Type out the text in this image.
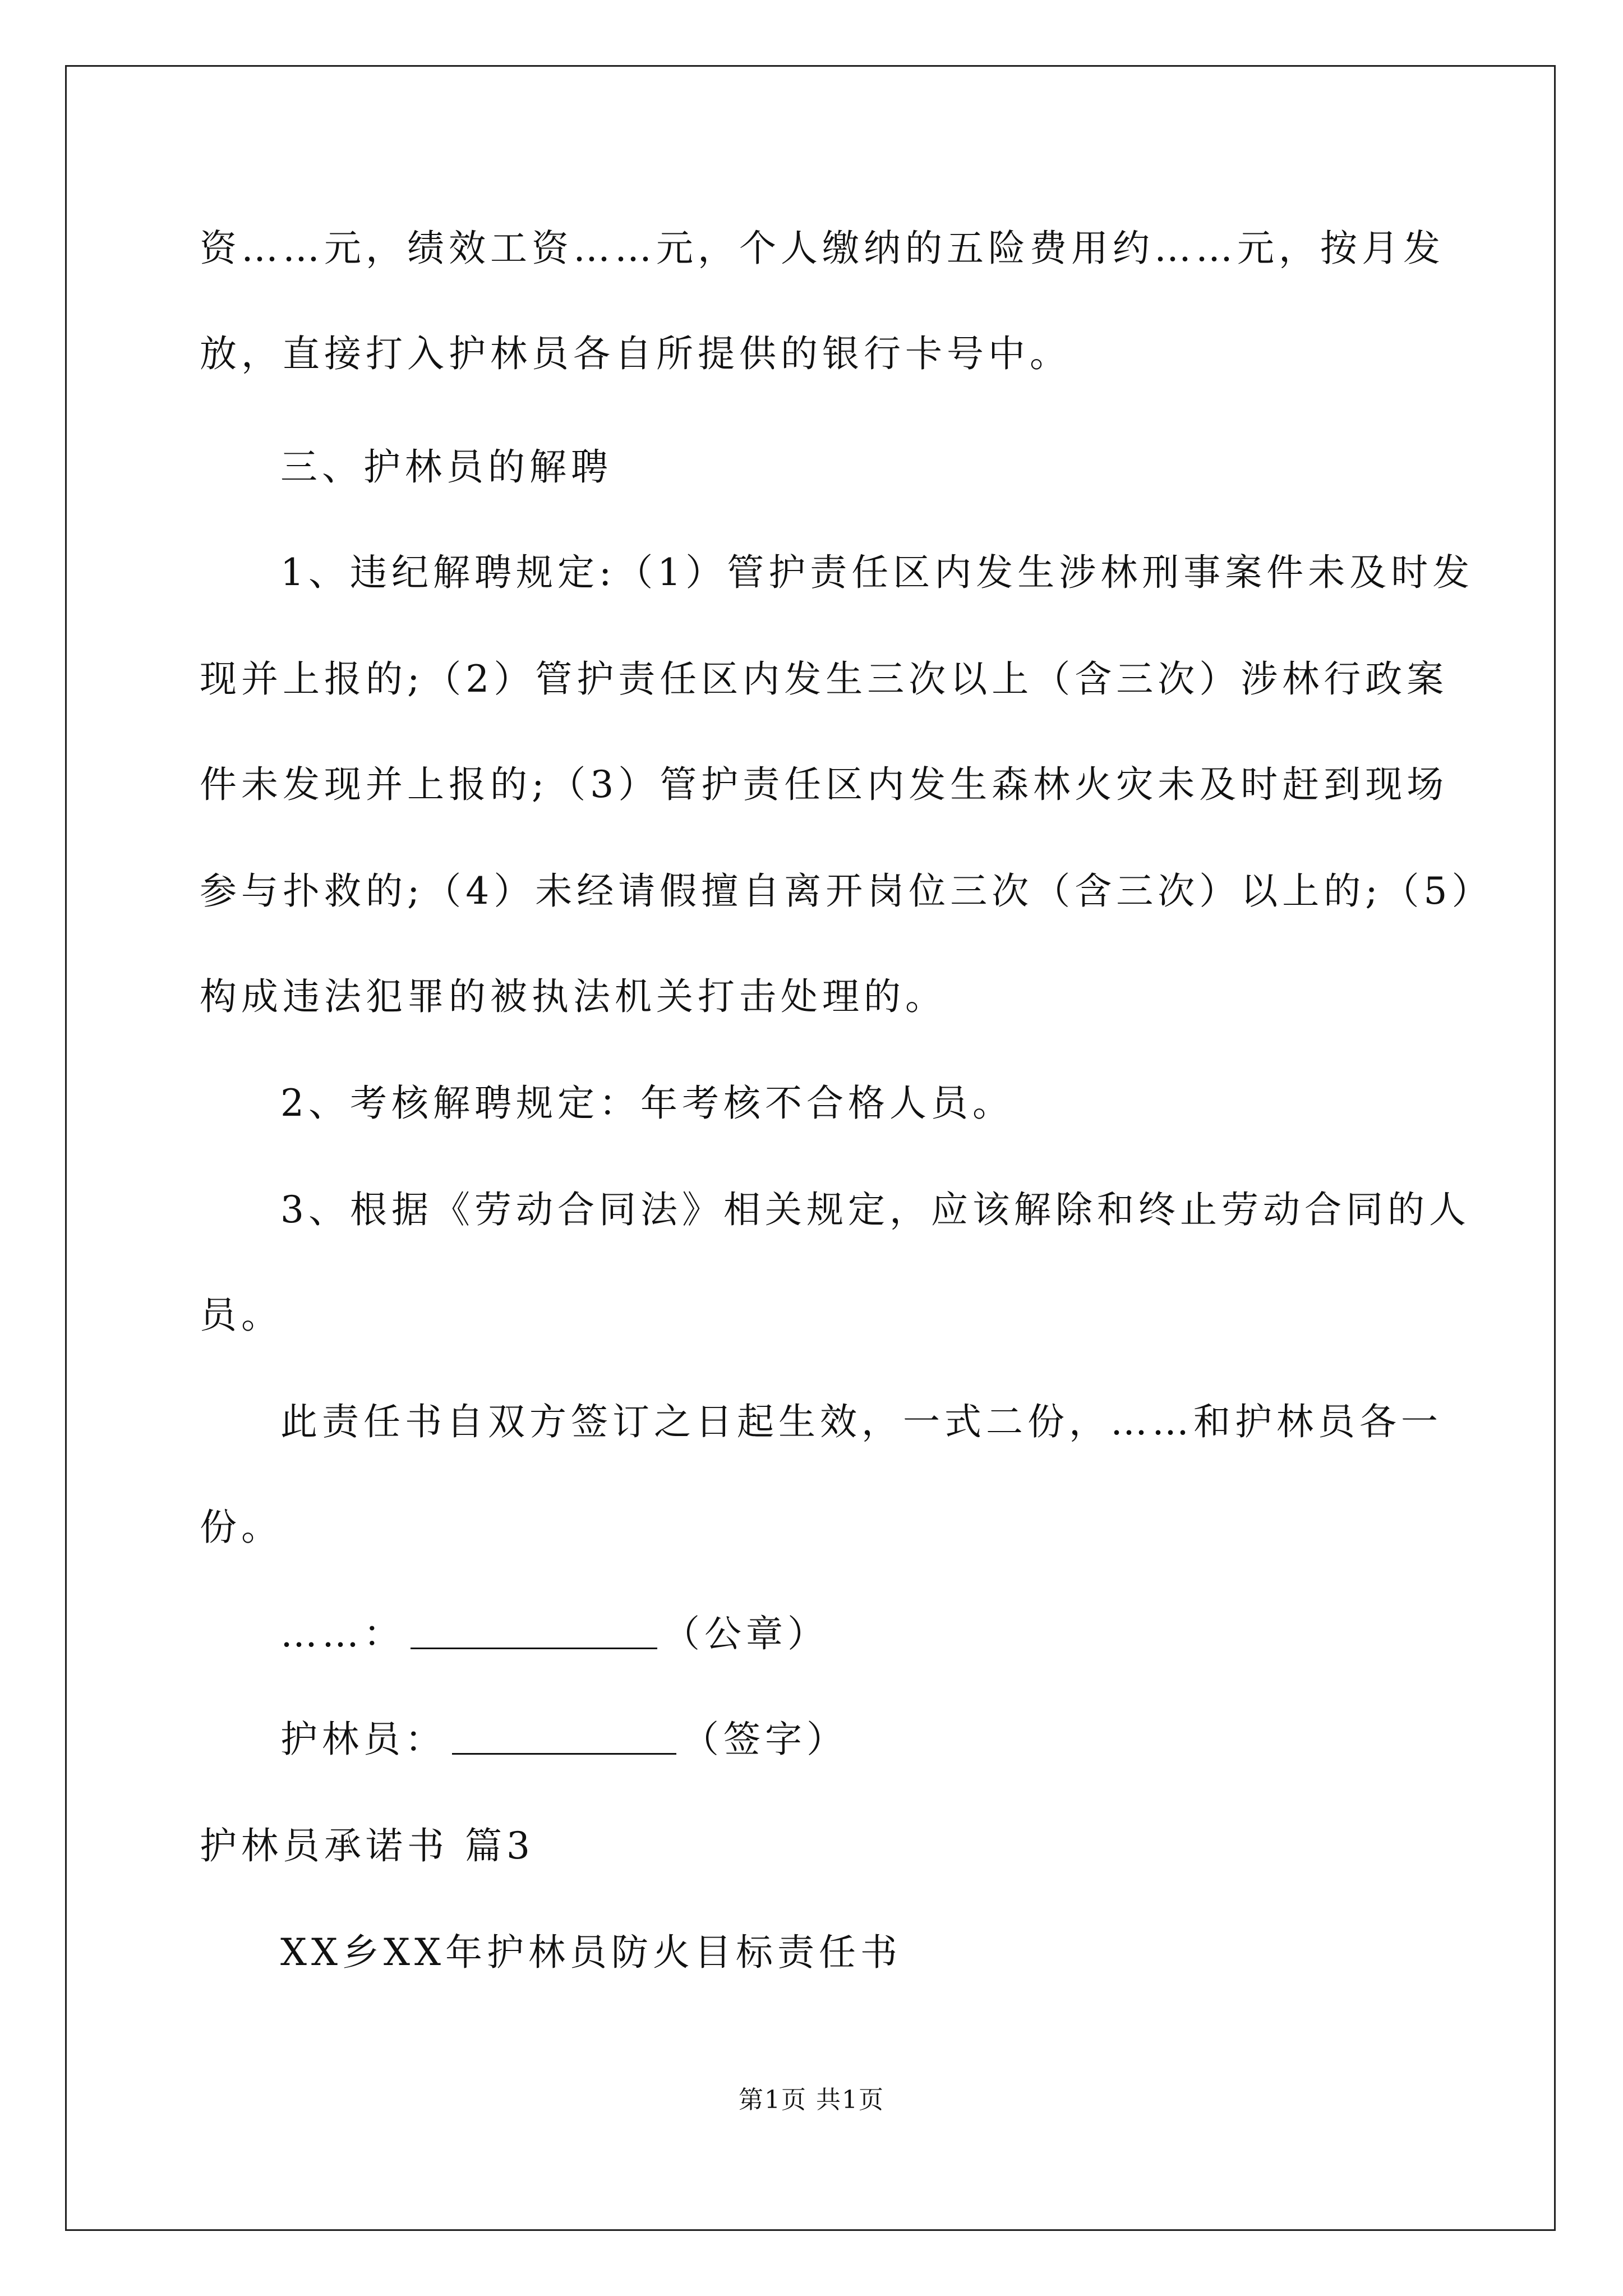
资……元，绩效工资……元，个人缴纳的五险费用约……元，按月发
放，直接打入护林员各自所提供的银行卡号中。
三、护林员的解聘
1、违纪解聘规定:（1）管护责任区内发生涉林刑事案件未及时发
现并上报的;（2）管护责任区内发生三次以上（含三次）涉林行政案
件未发现并上报的;（3）管护责任区内发生森林火灾未及时赶到现场
参与扑救的;（4）未经请假擅自离开岗位三次（含三次）以上的;（5）
构成违法犯罪的被执法机关打击处理的。
2、考核解聘规定：年考核不合格人员。
3、根据《劳动合同法》相关规定，应该解除和终止劳动合同的人
员。
此责任书自双方签订之日起生效，一式二份，……和护林员各一
份。
……：	（公章）
护林员：	（签字）
护林员承诺书 篇3
XX乡XX年护林员防火目标责任书
第1页 共1页
